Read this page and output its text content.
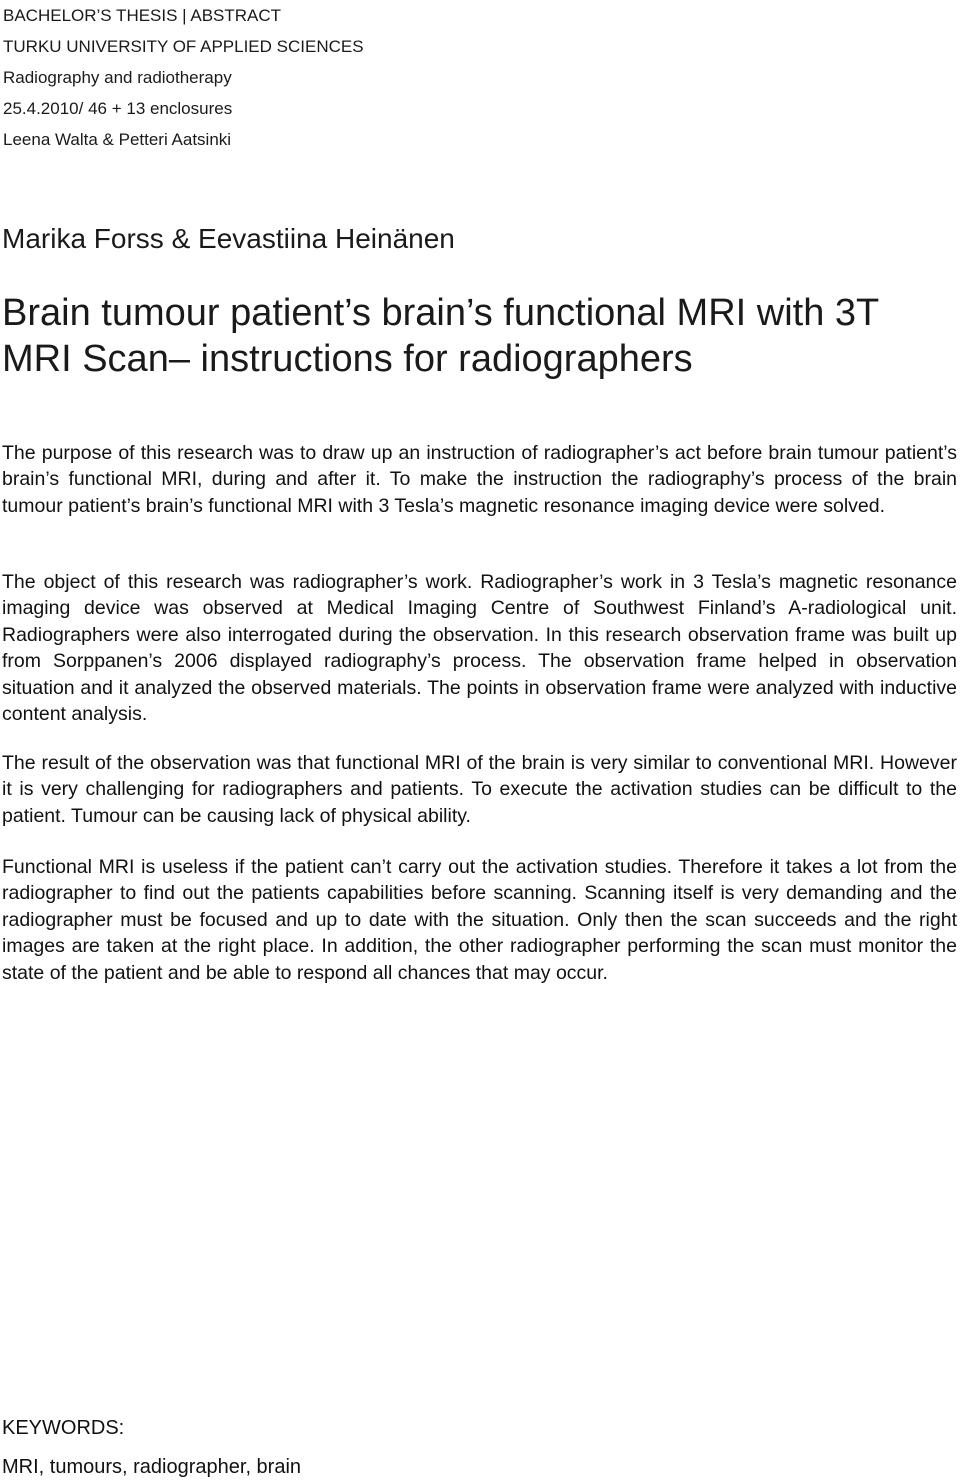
BACHELOR’S THESIS | ABSTRACT
TURKU UNIVERSITY OF APPLIED SCIENCES
Radiography and radiotherapy
25.4.2010/ 46 + 13 enclosures
Leena Walta & Petteri Aatsinki
Marika Forss & Eevastiina Heinänen
Brain tumour patient’s brain’s functional MRI with 3T MRI Scan– instructions for radiographers

The purpose of this research was to draw up an instruction of radiographer’s act before brain tumour patient’s brain’s functional MRI, during and after it. To make the instruction the radiography’s process of the brain tumour patient’s brain’s functional MRI with 3 Tesla’s magnetic resonance imaging device were solved.

The object of this research was radiographer’s work. Radiographer’s work in 3 Tesla’s magnetic resonance imaging device was observed at Medical Imaging Centre of Southwest Finland’s A-radiological unit. Radiographers were also interrogated during the observation. In this research observation frame was built up from Sorppanen’s 2006 displayed radiography’s process. The observation frame helped in observation situation and it analyzed the observed materials. The points in observation frame were analyzed with inductive content analysis.

The result of the observation was that functional MRI of the brain is very similar to conventional MRI. However it is very challenging for radiographers and patients. To execute the activation studies can be difficult to the patient. Tumour can be causing lack of physical ability.

Functional MRI is useless if the patient can’t carry out the activation studies. Therefore it takes a lot from the radiographer to find out the patients capabilities before scanning. Scanning itself is very demanding and the radiographer must be focused and up to date with the situation. Only then the scan succeeds and the right images are taken at the right place. In addition, the other radiographer performing the scan must monitor the state of the patient and be able to respond all chances that may occur.

KEYWORDS:
MRI, tumours, radiographer, brain
